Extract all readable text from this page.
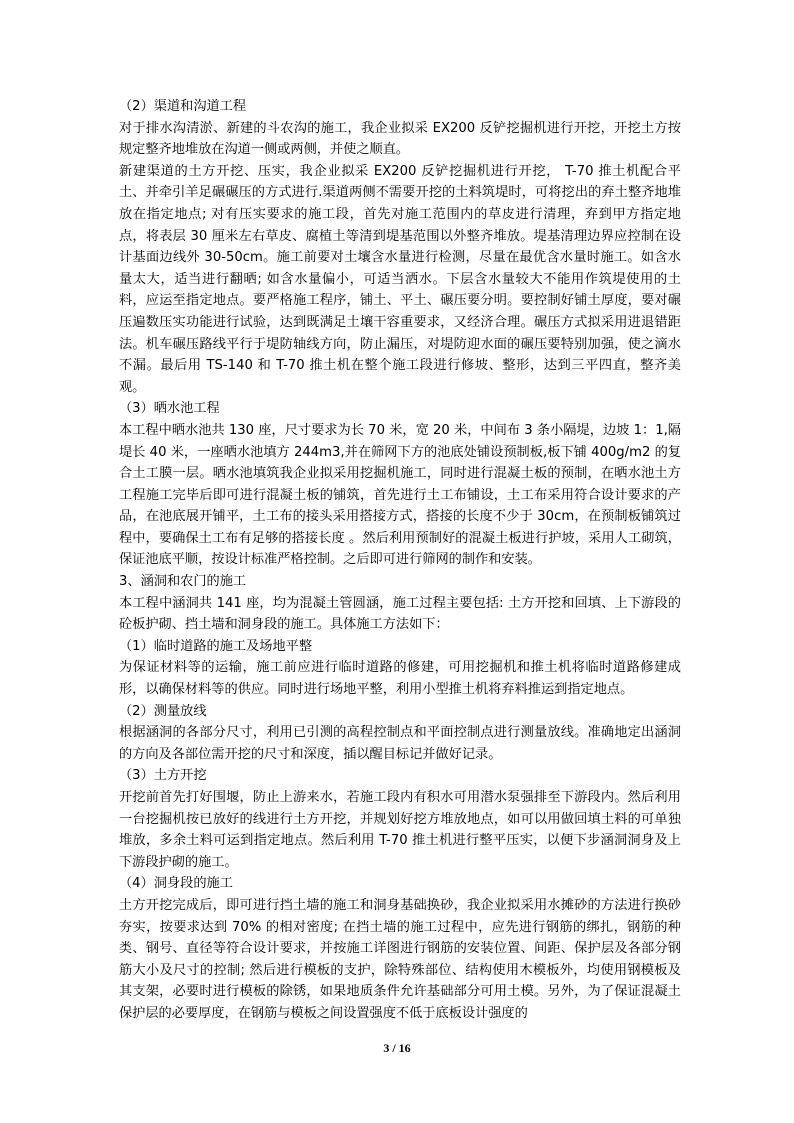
（2）渠道和沟道工程

对于排水沟清淤、新建的斗农沟的施工，我企业拟采 EX200 反铲挖掘机进行开挖，开挖土方按规定整齐地堆放在沟道一侧或两侧，并使之顺直。

新建渠道的土方开挖、压实，我企业拟采 EX200 反铲挖掘机进行开挖， T-70 推土机配合平土、并牵引羊足碾碾压的方式进行.渠道两侧不需要开挖的土料筑堤时，可将挖出的弃土整齐地堆放在指定地点; 对有压实要求的施工段，首先对施工范围内的草皮进行清理，弃到甲方指定地点，将表层 30 厘米左右草皮、腐植土等清到堤基范围以外整齐堆放。堤基清理边界应控制在设计基面边线外 30-50cm。施工前要对土壤含水量进行检测，尽量在最优含水量时施工。如含水量太大，适当进行翻晒; 如含水量偏小，可适当洒水。下层含水量较大不能用作筑堤使用的土料，应运至指定地点。要严格施工程序，铺土、平土、碾压要分明。要控制好铺土厚度，要对碾压遍数压实功能进行试验，达到既满足土壤干容重要求，又经济合理。碾压方式拟采用进退错距法。机车碾压路线平行于堤防轴线方向，防止漏压，对堤防迎水面的碾压要特别加强，使之滴水不漏。最后用 TS-140 和 T-70 推土机在整个施工段进行修坡、整形，达到三平四直，整齐美观。

（3）晒水池工程

本工程中晒水池共 130 座，尺寸要求为长 70 米，宽 20 米，中间布 3 条小隔堤，边坡 1：1,隔堤长 40 米，一座晒水池填方 244m3,并在筛网下方的池底处铺设预制板,板下铺 400g/m2 的复合土工膜一层。晒水池填筑我企业拟采用挖掘机施工，同时进行混凝土板的预制，在晒水池土方工程施工完毕后即可进行混凝土板的铺筑，首先进行土工布铺设，土工布采用符合设计要求的产品，在池底展开铺平，土工布的接头采用搭接方式，搭接的长度不少于 30cm，在预制板铺筑过程中，要确保土工布有足够的搭接长度 。然后利用预制好的混凝土板进行护坡，采用人工砌筑，保证池底平顺，按设计标准严格控制。之后即可进行筛网的制作和安装。

3、涵洞和农门的施工

本工程中涵洞共 141 座，均为混凝土管圆涵，施工过程主要包括: 土方开挖和回填、上下游段的砼板护砌、挡土墙和洞身段的施工。具体施工方法如下：

（1）临时道路的施工及场地平整

为保证材料等的运输，施工前应进行临时道路的修建，可用挖掘机和推土机将临时道路修建成形，以确保材料等的供应。同时进行场地平整，利用小型推土机将弃料推运到指定地点。

（2）测量放线

根据涵洞的各部分尺寸，利用已引测的高程控制点和平面控制点进行测量放线。准确地定出涵洞的方向及各部位需开挖的尺寸和深度，插以醒目标记并做好记录。

（3）土方开挖

开挖前首先打好围堰，防止上游来水，若施工段内有积水可用潜水泵强排至下游段内。然后利用一台挖掘机按已放好的线进行土方开挖，并规划好挖方堆放地点，如可以用做回填土料的可单独堆放，多余土料可运到指定地点。然后利用 T-70 推土机进行整平压实，以便下步涵洞洞身及上下游段护砌的施工。

（4）洞身段的施工

土方开挖完成后，即可进行挡土墙的施工和洞身基础换砂，我企业拟采用水摊砂的方法进行换砂夯实，按要求达到 70% 的相对密度; 在挡土墙的施工过程中，应先进行钢筋的绑扎，钢筋的种类、钢号、直径等符合设计要求，并按施工详图进行钢筋的安装位置、间距、保护层及各部分钢筋大小及尺寸的控制; 然后进行模板的支护，除特殊部位、结构使用木模板外，均使用钢模板及其支架，必要时进行模板的除锈，如果地质条件允许基础部分可用土模。另外，为了保证混凝土保护层的必要厚度，在钢筋与模板之间设置强度不低于底板设计强度的

3 / 16
